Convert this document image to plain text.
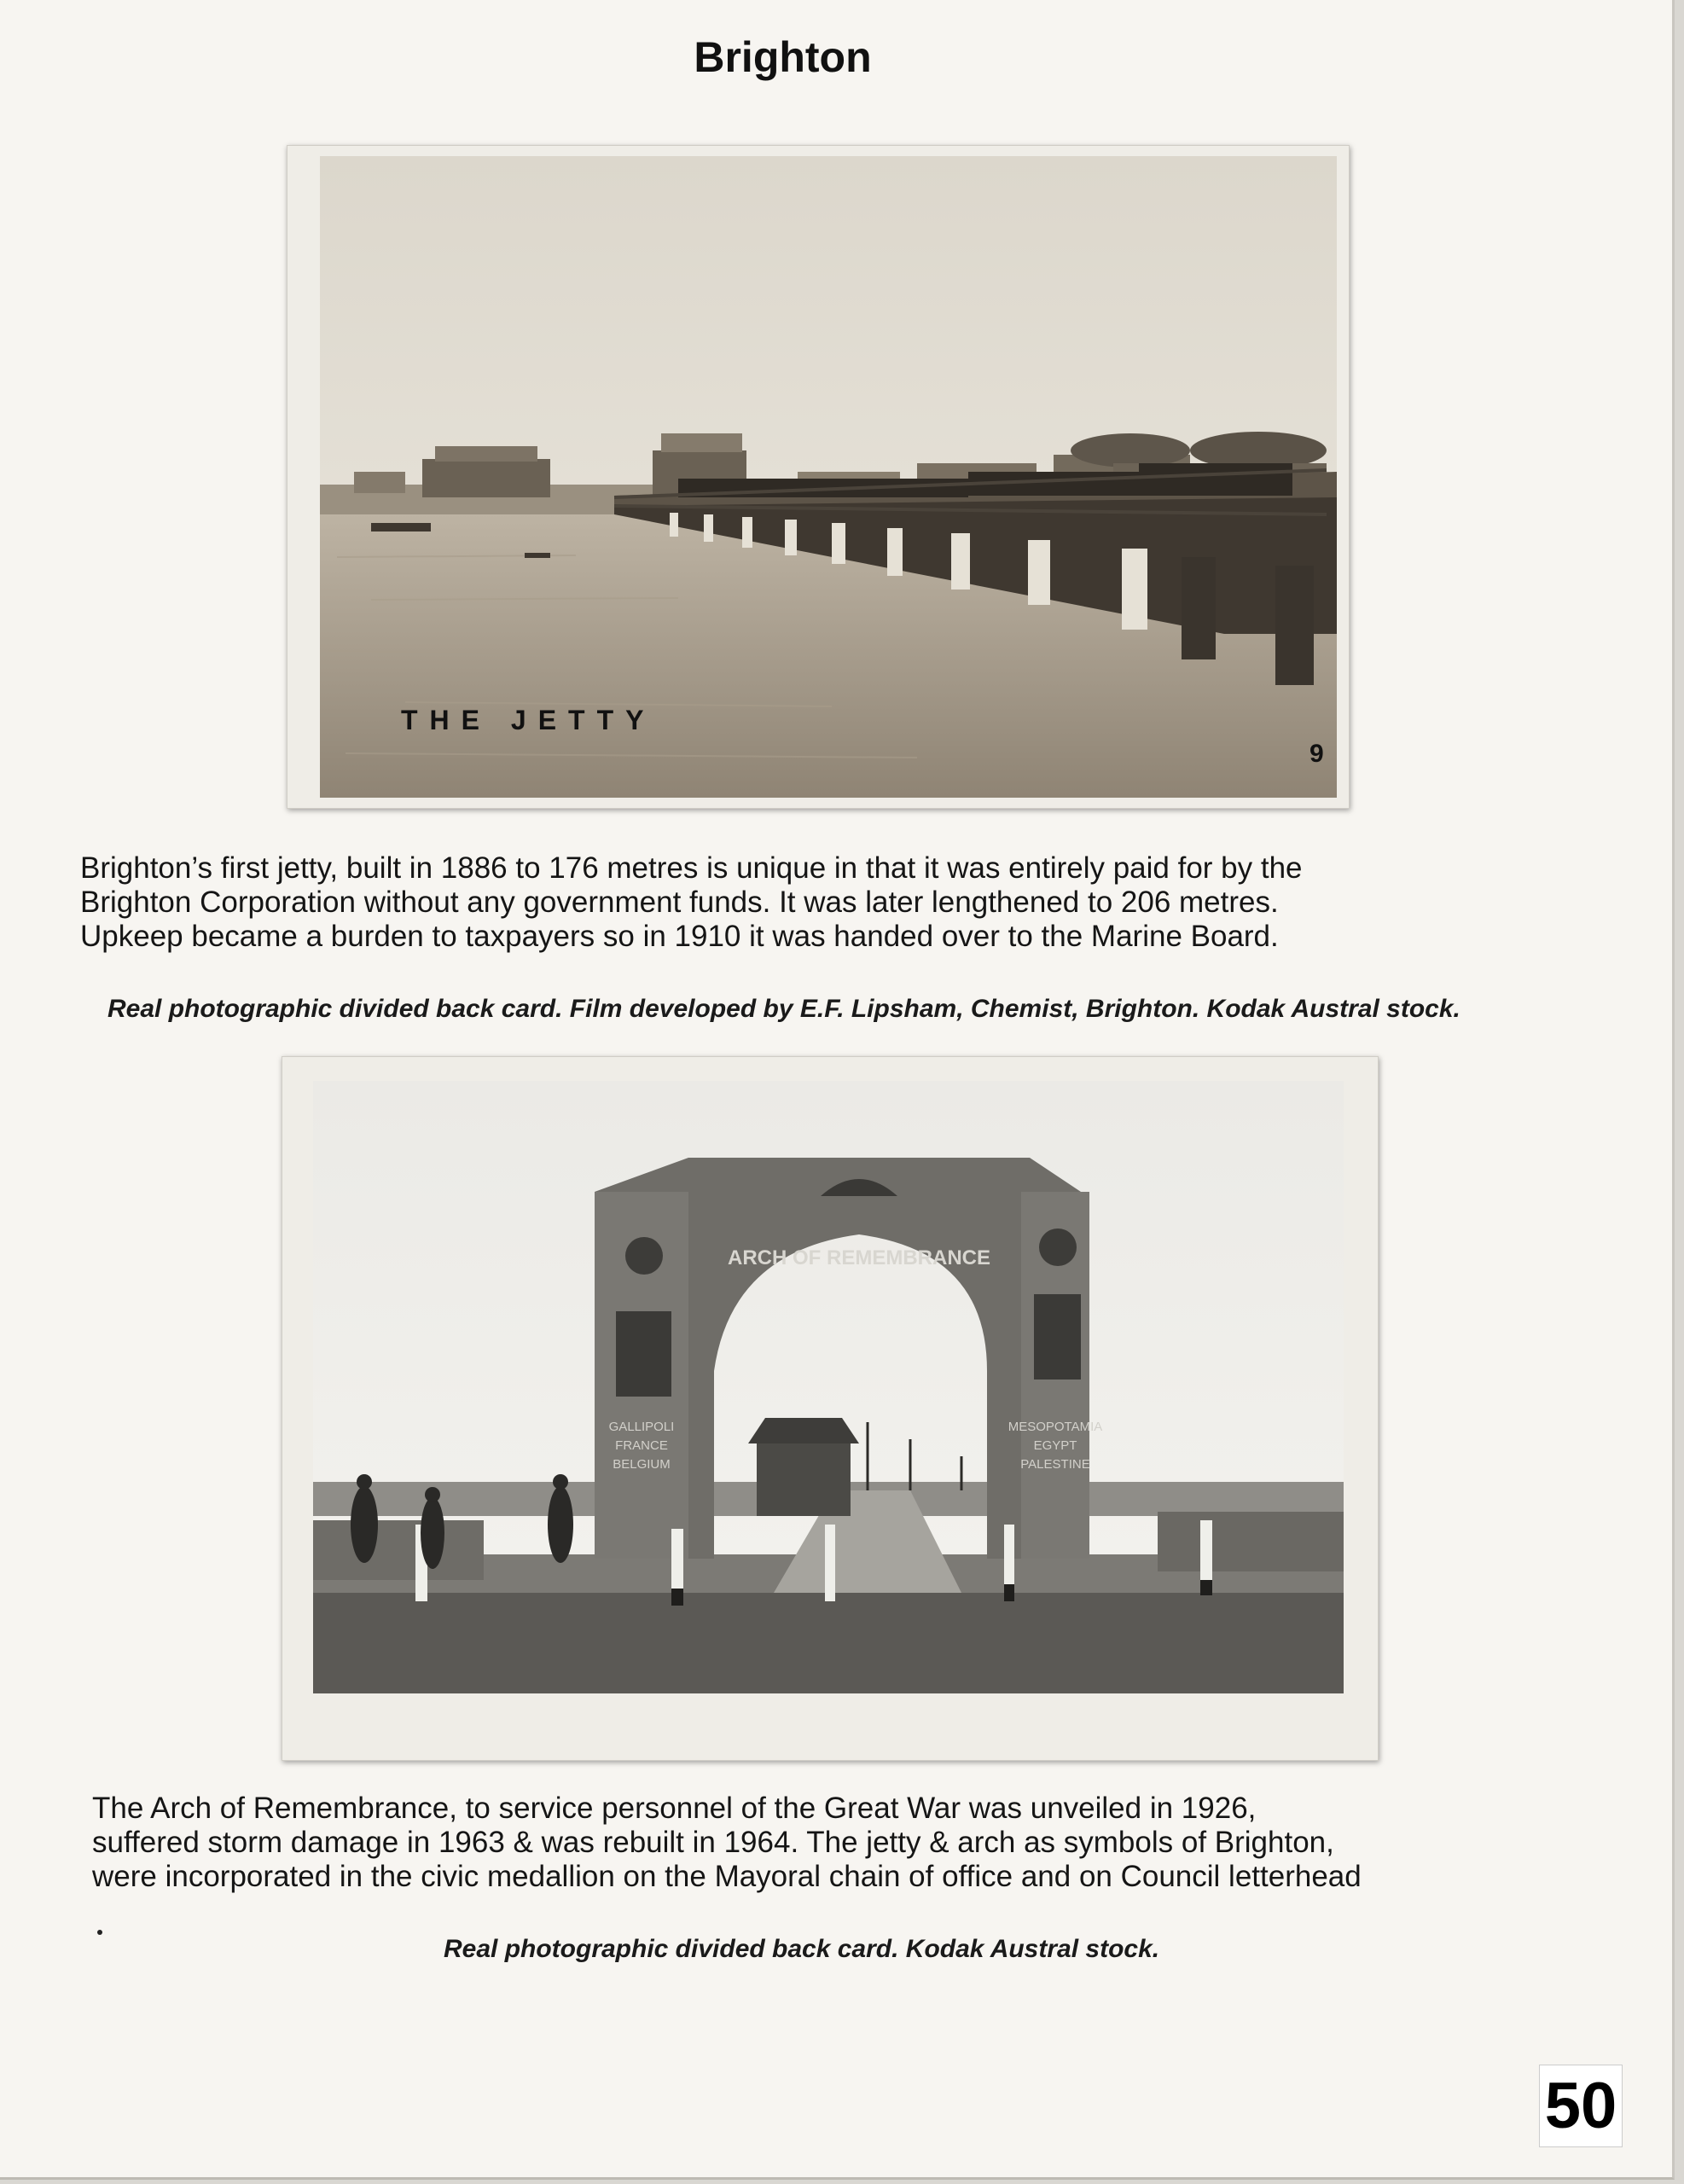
Brighton
THE JETTY
9
Brighton’s first jetty, built in 1886 to 176 metres is unique in that it was entirely paid for by the
Brighton Corporation without any government funds. It was later lengthened to 206 metres.
Upkeep became a burden to taxpayers so in 1910 it was handed over to the Marine Board.
Real photographic divided back card. Film developed by E.F. Lipsham, Chemist, Brighton. Kodak Austral stock.
ARCH OF REMEMBRANCE
GALLIPOLI
FRANCE
BELGIUM
MESOPOTAMIA
EGYPT
PALESTINE
The Arch of Remembrance, to service personnel of the Great War was unveiled in 1926,
suffered storm damage in 1963 & was rebuilt in 1964. The jetty & arch as symbols of Brighton,
were incorporated in the civic medallion on the Mayoral chain of office and on Council letterhead
Real photographic divided back card. Kodak Austral stock.
50
